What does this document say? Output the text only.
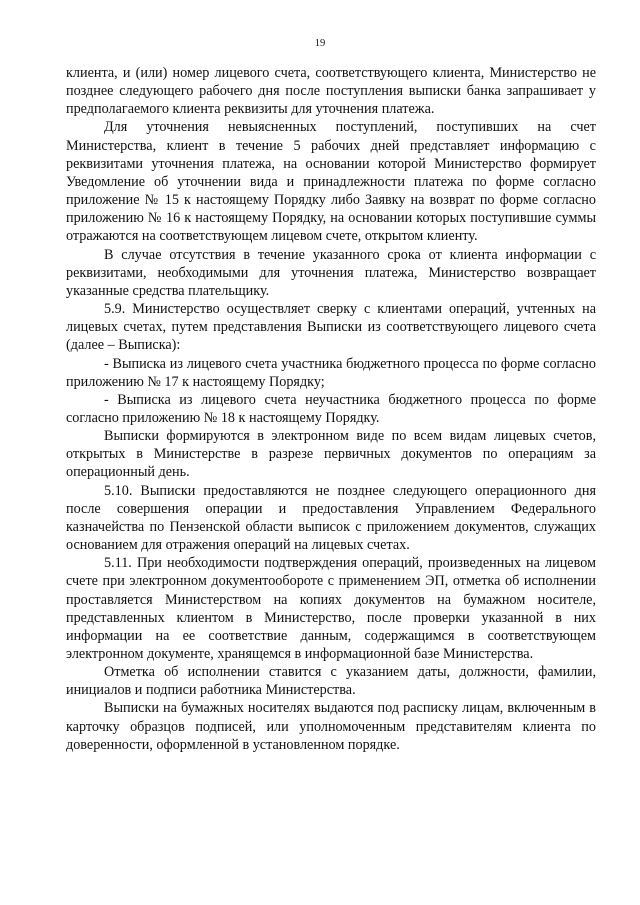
19

клиента, и (или) номер лицевого счета, соответствующего клиента, Министерство не позднее следующего рабочего дня после поступления выписки банка запрашивает у предполагаемого клиента реквизиты для уточнения платежа.

Для уточнения невыясненных поступлений, поступивших на счет Министерства, клиент в течение 5 рабочих дней представляет информацию с реквизитами уточнения платежа, на основании которой Министерство формирует Уведомление об уточнении вида и принадлежности платежа по форме согласно приложение № 15 к настоящему Порядку либо Заявку на возврат по форме согласно приложению № 16 к настоящему Порядку, на основании которых поступившие суммы отражаются на соответствующем лицевом счете, открытом клиенту.

В случае отсутствия в течение указанного срока от клиента информации с реквизитами, необходимыми для уточнения платежа, Министерство возвращает указанные средства плательщику.

5.9. Министерство осуществляет сверку с клиентами операций, учтенных на лицевых счетах, путем представления Выписки из соответствующего лицевого счета (далее – Выписка):

- Выписка из лицевого счета участника бюджетного процесса по форме согласно приложению № 17 к настоящему Порядку;

- Выписка из лицевого счета неучастника бюджетного процесса по форме согласно приложению № 18 к настоящему Порядку.

Выписки формируются в электронном виде по всем видам лицевых счетов, открытых в Министерстве в разрезе первичных документов по операциям за операционный день.

5.10. Выписки предоставляются не позднее следующего операционного дня после совершения операции и предоставления Управлением Федерального казначейства по Пензенской области выписок с приложением документов, служащих основанием для отражения операций на лицевых счетах.

5.11. При необходимости подтверждения операций, произведенных на лицевом счете при электронном документообороте с применением ЭП, отметка об исполнении проставляется Министерством на копиях документов на бумажном носителе, представленных клиентом в Министерство, после проверки указанной в них информации на ее соответствие данным, содержащимся в соответствующем электронном документе, хранящемся в информационной базе Министерства.

Отметка об исполнении ставится с указанием даты, должности, фамилии, инициалов и подписи работника Министерства.

Выписки на бумажных носителях выдаются под расписку лицам, включенным в карточку образцов подписей, или уполномоченным представителям клиента по доверенности, оформленной в установленном порядке.
